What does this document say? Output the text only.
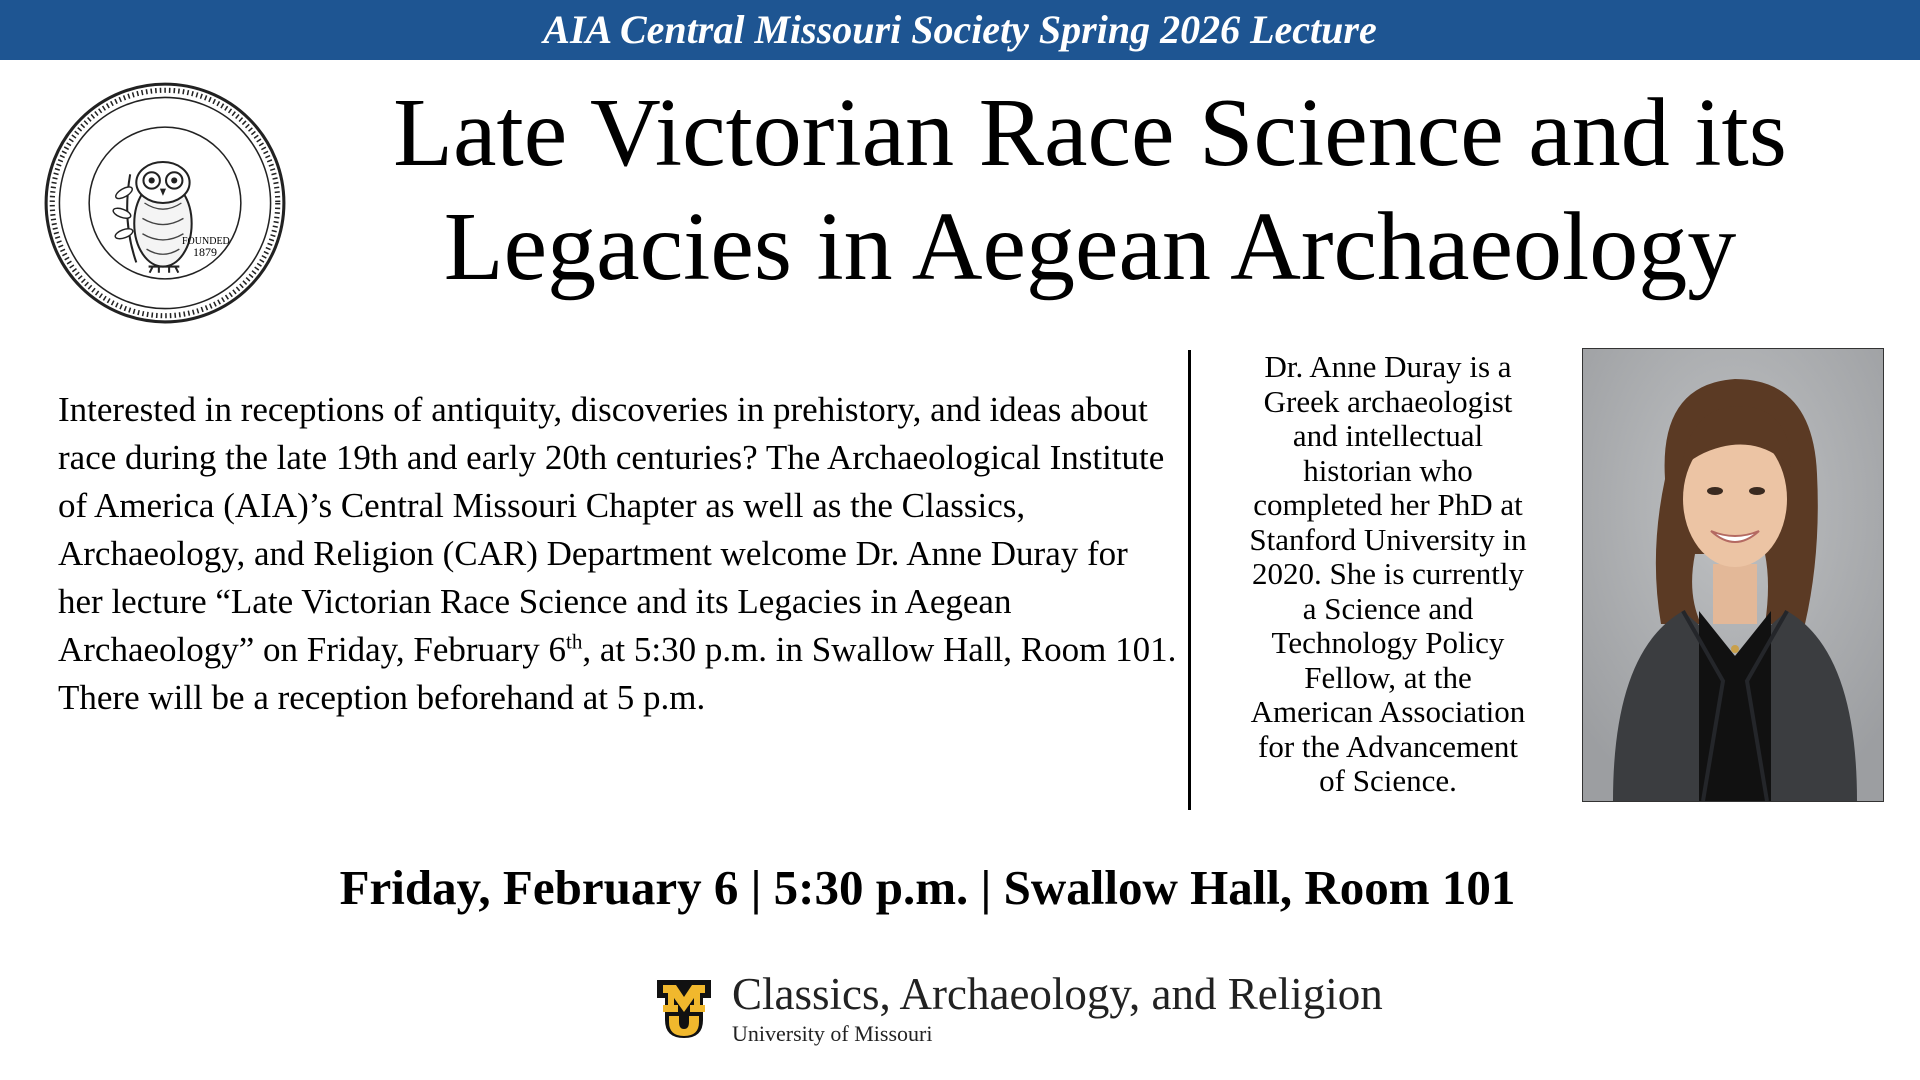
AIA Central Missouri Society Spring 2026 Lecture
FOUNDED
1879
Late Victorian Race Science and its
Legacies in Aegean Archaeology
Interested in receptions of antiquity, discoveries in prehistory, and ideas about race during the late 19th and early 20th centuries? The Archaeological Institute of America (AIA)’s Central Missouri Chapter as well as the Classics, Archaeology, and Religion (CAR) Department welcome Dr. Anne Duray for her lecture “Late Victorian Race Science and its Legacies in Aegean Archaeology” on Friday, February 6th, at 5:30 p.m. in Swallow Hall, Room 101. There will be a reception beforehand at 5 p.m.
Dr. Anne Duray is a
Greek archaeologist
and intellectual
historian who
completed her PhD at
Stanford University in
2020. She is currently
a Science and
Technology Policy
Fellow, at the
American Association
for the Advancement
of Science.
Friday, February 6 | 5:30 p.m. | Swallow Hall, Room 101
Classics, Archaeology, and Religion
University of Missouri
